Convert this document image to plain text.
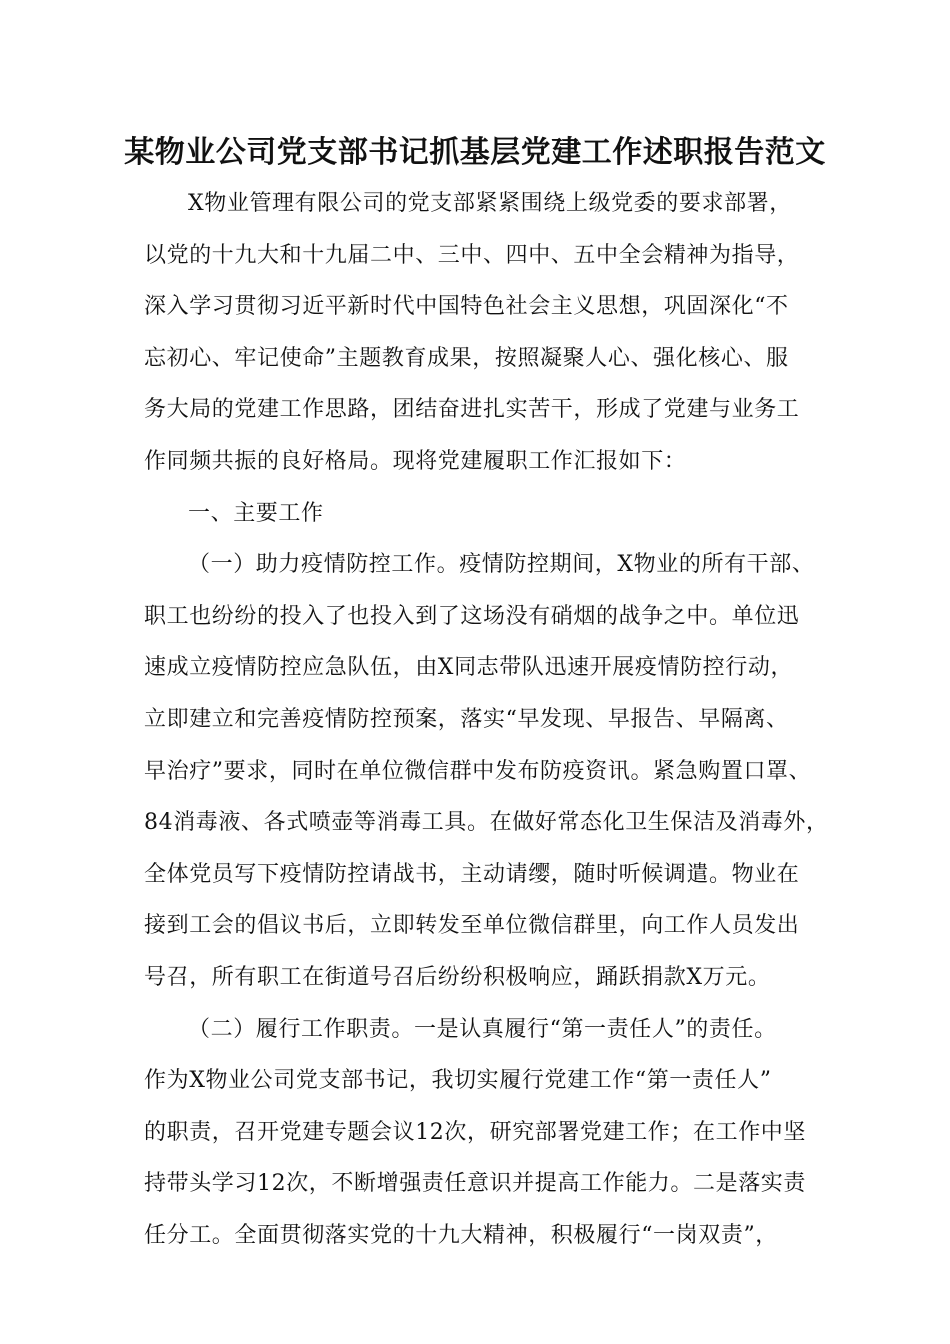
某物业公司党支部书记抓基层党建工作述职报告范文
X物业管理有限公司的党支部紧紧围绕上级党委的要求部署，
以党的十九大和十九届二中、三中、四中、五中全会精神为指导，
深入学习贯彻习近平新时代中国特色社会主义思想，巩固深化“不
忘初心、牢记使命”主题教育成果，按照凝聚人心、强化核心、服
务大局的党建工作思路，团结奋进扎实苦干，形成了党建与业务工
作同频共振的良好格局。现将党建履职工作汇报如下：
一、主要工作
（一）助力疫情防控工作。疫情防控期间，X物业的所有干部、
职工也纷纷的投入了也投入到了这场没有硝烟的战争之中。单位迅
速成立疫情防控应急队伍，由X同志带队迅速开展疫情防控行动，
立即建立和完善疫情防控预案，落实“早发现、早报告、早隔离、
早治疗”要求，同时在单位微信群中发布防疫资讯。紧急购置口罩、
84消毒液、各式喷壶等消毒工具。在做好常态化卫生保洁及消毒外，
全体党员写下疫情防控请战书，主动请缨，随时听候调遣。物业在
接到工会的倡议书后，立即转发至单位微信群里，向工作人员发出
号召，所有职工在街道号召后纷纷积极响应，踊跃捐款X万元。
（二）履行工作职责。一是认真履行“第一责任人”的责任。
作为X物业公司党支部书记，我切实履行党建工作“第一责任人”
的职责，召开党建专题会议12次，研究部署党建工作；在工作中坚
持带头学习12次，不断增强责任意识并提高工作能力。二是落实责
任分工。全面贯彻落实党的十九大精神，积极履行“一岗双责”，
